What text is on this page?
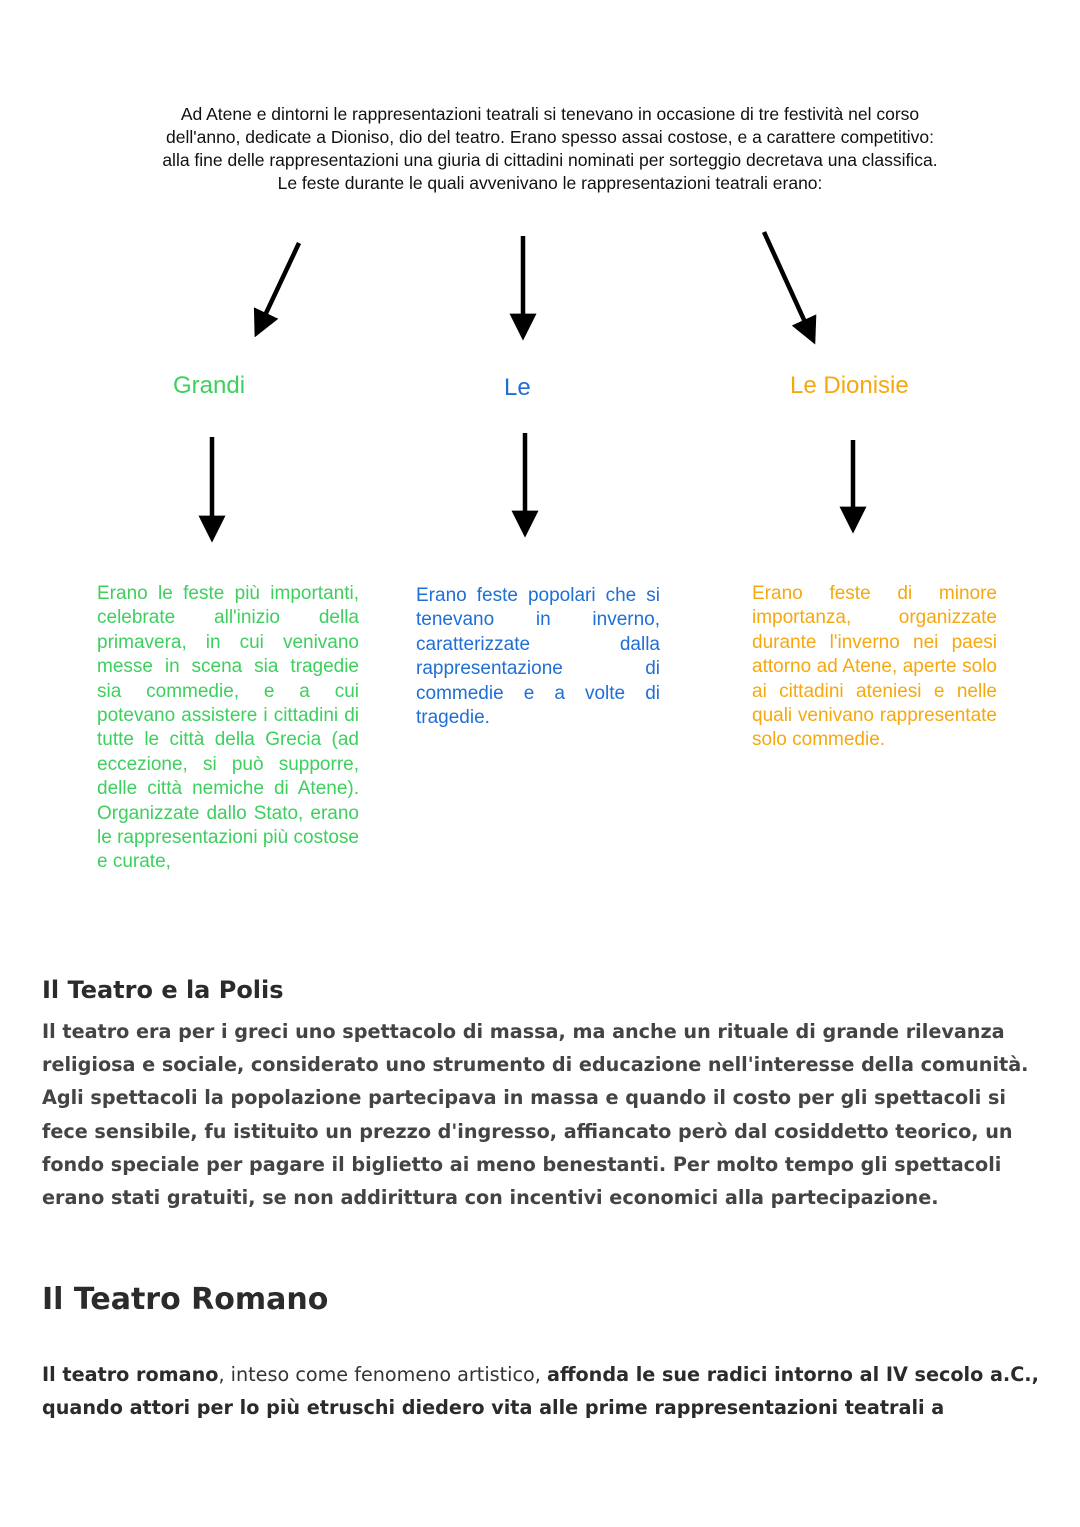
Ad Atene e dintorni le rappresentazioni teatrali si tenevano in occasione di tre festività nel corso dell'anno, dedicate a Dioniso, dio del teatro. Erano spesso assai costose, e a carattere competitivo: alla fine delle rappresentazioni una giuria di cittadini nominati per sorteggio decretava una classifica. Le feste durante le quali avvenivano le rappresentazioni teatrali erano:
Grandi	Le	Le Dionisie
Erano le feste più importanti, celebrate all'inizio della primavera, in cui venivano messe in scena sia tragedie sia commedie, e a cui potevano assistere i cittadini di tutte le città della Grecia (ad eccezione, si può supporre, delle città nemiche di Atene). Organizzate dallo Stato, erano le rappresentazioni più costose e curate,
Erano feste popolari che si tenevano in inverno, caratterizzate dalla rappresentazione di commedie e a volte di tragedie.
Erano feste di minore importanza, organizzate durante l'inverno nei paesi attorno ad Atene, aperte solo ai cittadini ateniesi e nelle quali venivano rappresentate solo commedie.
Il Teatro e la Polis
Il teatro era per i greci uno spettacolo di massa, ma anche un rituale di grande rilevanza religiosa e sociale, considerato uno strumento di educazione nell'interesse della comunità. Agli spettacoli la popolazione partecipava in massa e quando il costo per gli spettacoli si fece sensibile, fu istituito un prezzo d'ingresso, affiancato però dal cosiddetto teorico, un fondo speciale per pagare il biglietto ai meno benestanti. Per molto tempo gli spettacoli erano stati gratuiti, se non addirittura con incentivi economici alla partecipazione.
Il Teatro Romano
Il teatro romano, inteso come fenomeno artistico, affonda le sue radici intorno al IV secolo a.C., quando attori per lo più etruschi diedero vita alle prime rappresentazioni teatrali a
